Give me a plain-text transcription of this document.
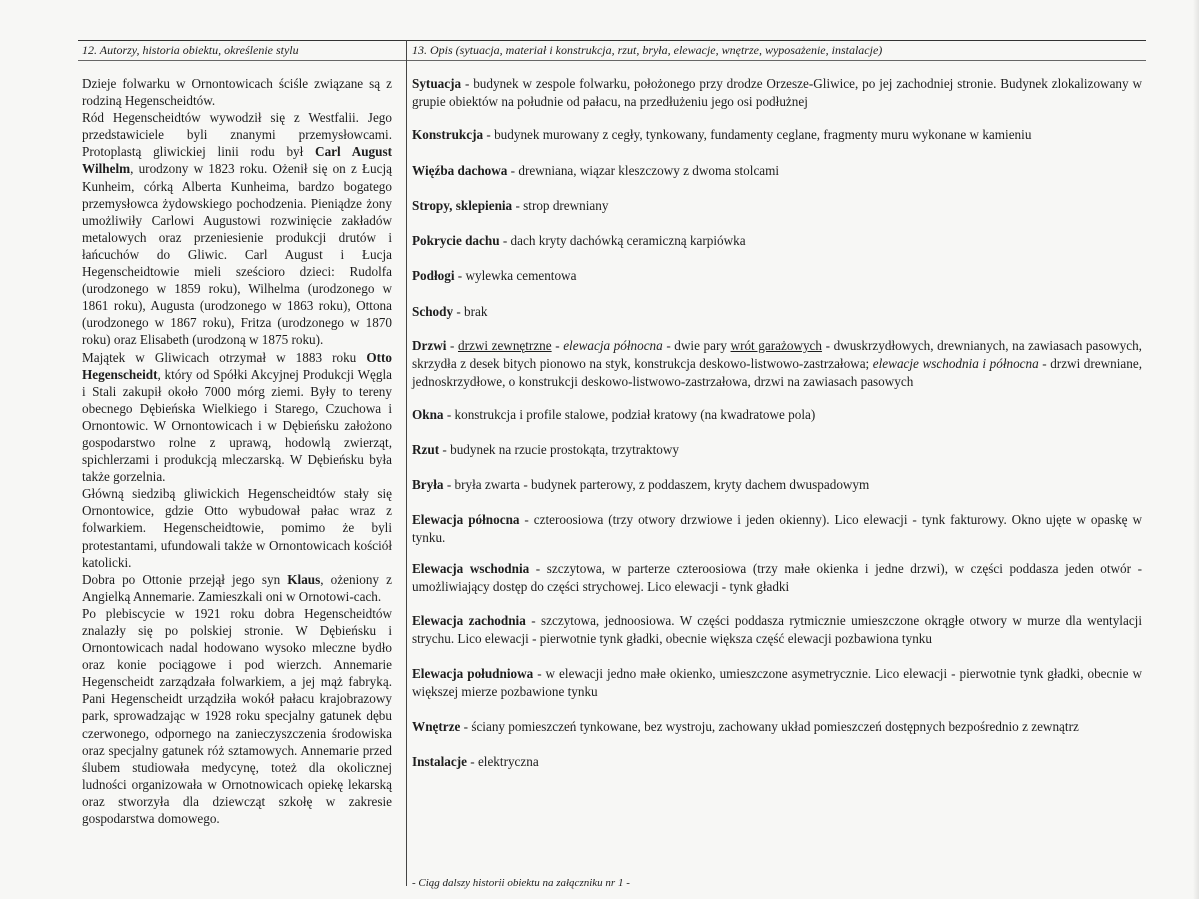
12. Autorzy, historia obiektu, określenie stylu	13. Opis (sytuacja, materiał i konstrukcja, rzut, bryła, elewacje, wnętrze, wyposażenie, instalacje)

Dzieje folwarku w Ornontowicach ściśle związane są z rodziną Hegenscheidtów.

Ród Hegenscheidtów wywodził się z Westfalii. Jego przedstawiciele byli znanymi przemysłowcami. Protoplastą gliwickiej linii rodu był Carl August Wilhelm, urodzony w 1823 roku. Ożenił się on z Łucją Kunheim, córką Alberta Kunheima, bardzo bogatego przemysłowca żydowskiego pochodzenia. Pieniądze żony umożliwiły Carlowi Augustowi rozwinięcie zakładów metalowych oraz przeniesienie produkcji drutów i łańcuchów do Gliwic. Carl August i Łucja Hegenscheidtowie mieli sześcioro dzieci: Rudolfa (urodzonego w 1859 roku), Wilhelma (urodzonego w 1861 roku), Augusta (urodzonego w 1863 roku), Ottona (urodzonego w 1867 roku), Fritza (urodzonego w 1870 roku) oraz Elisabeth (urodzoną w 1875 roku).

Majątek w Gliwicach otrzymał w 1883 roku Otto Hegenscheidt, który od Spółki Akcyjnej Produkcji Węgla i Stali zakupił około 7000 mórg ziemi. Były to tereny obecnego Dębieńska Wielkiego i Starego, Czuchowa i Ornontowic. W Ornontowicach i w Dębieńsku założono gospodarstwo rolne z uprawą, hodowlą zwierząt, spichlerzami i produkcją mleczarską. W Dębieńsku była także gorzelnia.

Główną siedzibą gliwickich Hegenscheidtów stały się Ornontowice, gdzie Otto wybudował pałac wraz z folwarkiem. Hegenscheidtowie, pomimo że byli protestantami, ufundowali także w Ornontowicach kościół katolicki.

Dobra po Ottonie przejął jego syn Klaus, ożeniony z Angielką Annemarie. Zamieszkali oni w Ornotowi-cach.

Po plebiscycie w 1921 roku dobra Hegenscheidtów znalazły się po polskiej stronie. W Dębieńsku i Ornontowicach nadal hodowano wysoko mleczne bydło oraz konie pociągowe i pod wierzch. Annemarie Hegenscheidt zarządzała folwarkiem, a jej mąż fabryką. Pani Hegenscheidt urządziła wokół pałacu krajobrazowy park, sprowadzając w 1928 roku specjalny gatunek dębu czerwonego, odpornego na zanieczyszczenia środowiska oraz specjalny gatunek róż sztamowych. Annemarie przed ślubem studiowała medycynę, toteż dla okolicznej ludności organizowała w Ornotnowicach opiekę lekarską oraz stworzyła dla dziewcząt szkołę w zakresie gospodarstwa domowego.

Sytuacja - budynek w zespole folwarku, położonego przy drodze Orzesze-Gliwice, po jej zachodniej stronie. Budynek zlokalizowany w grupie obiektów na południe od pałacu, na przedłużeniu jego osi podłużnej
Konstrukcja - budynek murowany z cegły, tynkowany, fundamenty ceglane, fragmenty muru wykonane w kamieniu
Więźba dachowa - drewniana, wiązar kleszczowy z dwoma stolcami
Stropy, sklepienia - strop drewniany
Pokrycie dachu - dach kryty dachówką ceramiczną karpiówka
Podłogi - wylewka cementowa
Schody - brak
Drzwi - drzwi zewnętrzne - elewacja północna - dwie pary wrót garażowych - dwuskrzydłowych, drewnianych, na zawiasach pasowych, skrzydła z desek bitych pionowo na styk, konstrukcja deskowo-listwowo-zastrzałowa; elewacje wschodnia i północna - drzwi drewniane, jednoskrzydłowe, o konstrukcji deskowo-listwowo-zastrzałowa, drzwi na zawiasach pasowych
Okna - konstrukcja i profile stalowe, podział kratowy (na kwadratowe pola)
Rzut - budynek na rzucie prostokąta, trzytraktowy
Bryła - bryła zwarta - budynek parterowy, z poddaszem, kryty dachem dwuspadowym
Elewacja północna - czteroosiowa (trzy otwory drzwiowe i jeden okienny). Lico elewacji - tynk fakturowy. Okno ujęte w opaskę w tynku.
Elewacja wschodnia - szczytowa, w parterze czteroosiowa (trzy małe okienka i jedne drzwi), w części poddasza jeden otwór - umożliwiający dostęp do części strychowej. Lico elewacji - tynk gładki
Elewacja zachodnia - szczytowa, jednoosiowa. W części poddasza rytmicznie umieszczone okrągłe otwory w murze dla wentylacji strychu. Lico elewacji - pierwotnie tynk gładki, obecnie większa część elewacji pozbawiona tynku
Elewacja południowa - w elewacji jedno małe okienko, umieszczone asymetrycznie. Lico elewacji - pierwotnie tynk gładki, obecnie w większej mierze pozbawione tynku
Wnętrze - ściany pomieszczeń tynkowane, bez wystroju, zachowany układ pomieszczeń dostępnych bezpośrednio z zewnątrz
Instalacje - elektryczna
- Ciąg dalszy historii obiektu na załączniku nr 1 -
